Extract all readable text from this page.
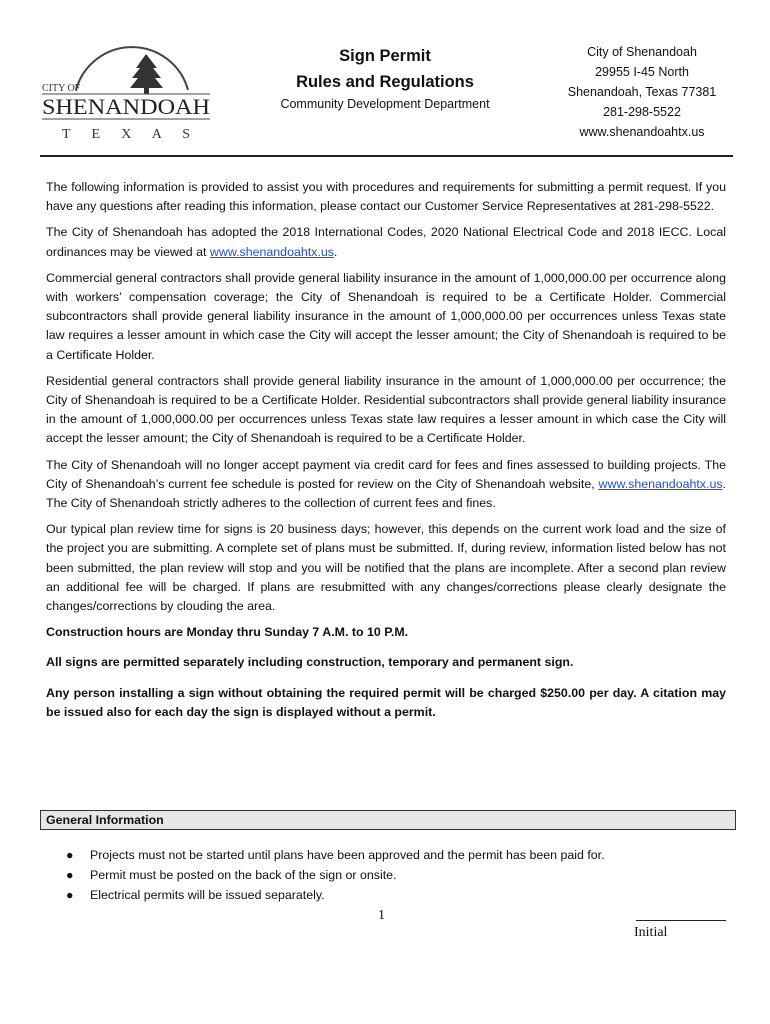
CITY OF
SHENANDOAH
T E X A S
Sign Permit
Rules and Regulations
Community Development Department
City of Shenandoah
29955 I-45 North
Shenandoah, Texas 77381
281-298-5522
www.shenandoahtx.us

The following information is provided to assist you with procedures and requirements for submitting a permit request. If you have any questions after reading this information, please contact our Customer Service Representatives at 281-298-5522.

The City of Shenandoah has adopted the 2018 International Codes, 2020 National Electrical Code and 2018 IECC. Local ordinances may be viewed at www.shenandoahtx.us.

Commercial general contractors shall provide general liability insurance in the amount of 1,000,000.00 per occurrence along with workers’ compensation coverage; the City of Shenandoah is required to be a Certificate Holder. Commercial subcontractors shall provide general liability insurance in the amount of 1,000,000.00 per occurrences unless Texas state law requires a lesser amount in which case the City will accept the lesser amount; the City of Shenandoah is required to be a Certificate Holder.

Residential general contractors shall provide general liability insurance in the amount of 1,000,000.00 per occurrence; the City of Shenandoah is required to be a Certificate Holder. Residential subcontractors shall provide general liability insurance in the amount of 1,000,000.00 per occurrences unless Texas state law requires a lesser amount in which case the City will accept the lesser amount; the City of Shenandoah is required to be a Certificate Holder.

The City of Shenandoah will no longer accept payment via credit card for fees and fines assessed to building projects. The City of Shenandoah’s current fee schedule is posted for review on the City of Shenandoah website, www.shenandoahtx.us. The City of Shenandoah strictly adheres to the collection of current fees and fines.

Our typical plan review time for signs is 20 business days; however, this depends on the current work load and the size of the project you are submitting. A complete set of plans must be submitted. If, during review, information listed below has not been submitted, the plan review will stop and you will be notified that the plans are incomplete. After a second plan review an additional fee will be charged. If plans are resubmitted with any changes/corrections please clearly designate the changes/corrections by clouding the area.

Construction hours are Monday thru Sunday 7 A.M. to 10 P.M.

All signs are permitted separately including construction, temporary and permanent sign.

Any person installing a sign without obtaining the required permit will be charged $250.00 per day. A citation may be issued also for each day the sign is displayed without a permit.

General Information
● Projects must not be started until plans have been approved and the permit has been paid for.
● Permit must be posted on the back of the sign or onsite.
● Electrical permits will be issued separately.
1
Initial
